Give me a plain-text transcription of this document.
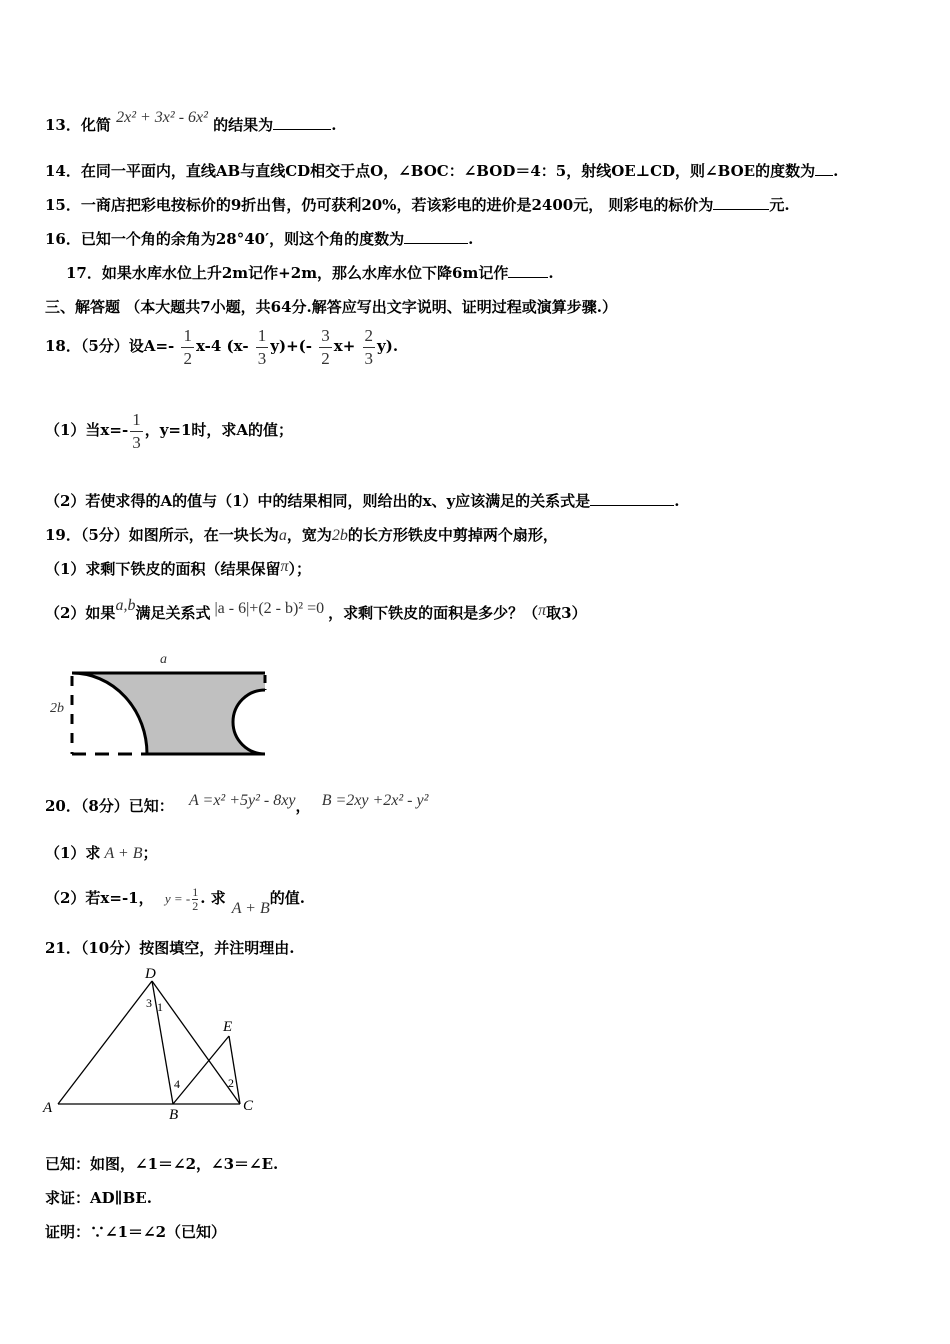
13．化简 2x² + 3x² - 6x² 的结果为	.
14．在同一平面内，直线AB与直线CD相交于点O，∠BOC：∠BOD＝4：5，射线OE⊥CD，则∠BOE的度数为 .
15．一商店把彩电按标价的9折出售，仍可获利20%，若该彩电的进价是2400元， 则彩电的标价为	元.
16．已知一个角的余角为28°40′，则这个角的度数为	.
17．如果水库水位上升2m记作+2m，那么水库水位下降6m记作	.
三、解答题 （本大题共7小题，共64分.解答应写出文字说明、证明过程或演算步骤.）
18．（5分）设$A=- \frac{1}{2} x-4$ $(x- \frac{1}{3} y)+(- \frac{3}{2} x+ \frac{2}{3} y)$.
（1）当$x=- \frac{1}{3}$ ，y=1时，求A的值；
（2）若使求得的A的值与（1）中的结果相同，则给出的x、y应该满足的关系式是	.
19．（5分）如图所示，在一块长为a，宽为2b的长方形铁皮中剪掉两个扇形，
（1）求剩下铁皮的面积（结果保留π）；
（2）如果a,b满足关系式 |a - 6|+(2 - b)² =0 ，求剩下铁皮的面积是多少？（π取3）
a
2b
20．（8分）已知： A =x² +5y² - 8xy， B =2xy +2x² - y²
（1）求 A + B；
（2）若x=-1， y = - $\frac{1}{2}$ . 求A + B的值.
21．（10分）按图填空，并注明理由.
D
A	B
C
E
3 1
4	2
已知：如图，∠1＝∠2，∠3＝∠E.
求证：AD∥BE.
证明：∵∠1＝∠2（已知）
